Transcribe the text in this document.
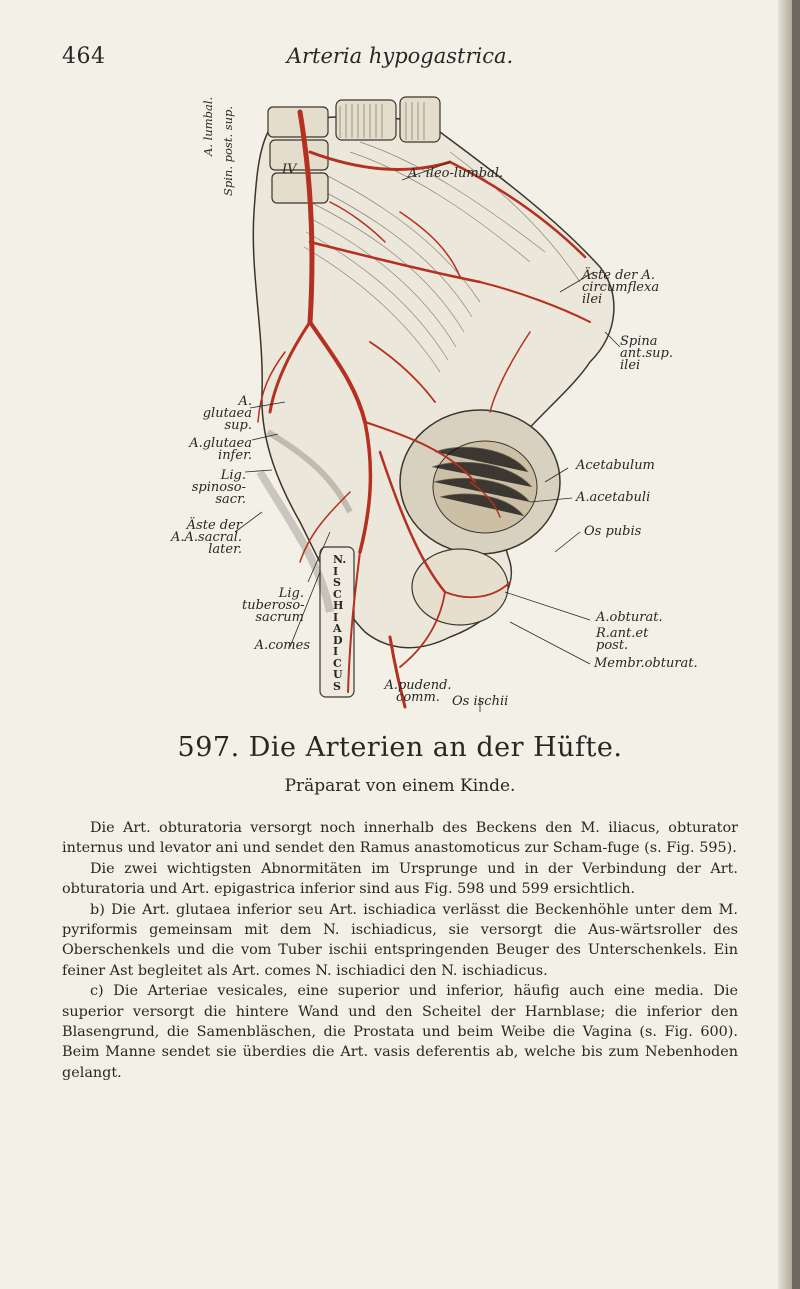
464	Arteria hypogastrica.
A. lumbal. Spin. post. sup.	IV	A. ileo-lumbal.
Äste der A.
circumflexa
ilei
Spina
ant.sup.
ilei
A.
glutaea
sup.
A.glutaea
infer.
Lig.
spinoso-
sacr.
Äste der
A.A.sacral.
later.
Acetabulum
A.acetabuli
Os pubis
Lig.
tuberoso-
sacrum
N. ISCHIADICUS
A.comes
A.obturat.
R.ant.et post.
Membr.obturat.
A.pudend.
comm. Os ischii
597. Die Arterien an der Hüfte.
Präparat von einem Kinde.

Die Art. obturatoria versorgt noch innerhalb des Beckens den M. iliacus, obturator internus und levator ani und sendet den Ramus anastomoticus zur Scham-fuge (s. Fig. 595).

Die zwei wichtigsten Abnormitäten im Ursprunge und in der Verbindung der Art. obturatoria und Art. epigastrica inferior sind aus Fig. 598 und 599 ersichtlich.

b) Die Art. glutaea inferior seu Art. ischiadica verlässt die Beckenhöhle unter dem M. pyriformis gemeinsam mit dem N. ischiadicus, sie versorgt die Aus-wärtsroller des Oberschenkels und die vom Tuber ischii entspringenden Beuger des Unterschenkels. Ein feiner Ast begleitet als Art. comes N. ischiadici den N. ischiadicus.

c) Die Arteriae vesicales, eine superior und inferior, häufig auch eine media. Die superior versorgt die hintere Wand und den Scheitel der Harnblase; die inferior den Blasengrund, die Samenbläschen, die Prostata und beim Weibe die Vagina (s. Fig. 600). Beim Manne sendet sie überdies die Art. vasis deferentis ab, welche bis zum Nebenhoden gelangt.
